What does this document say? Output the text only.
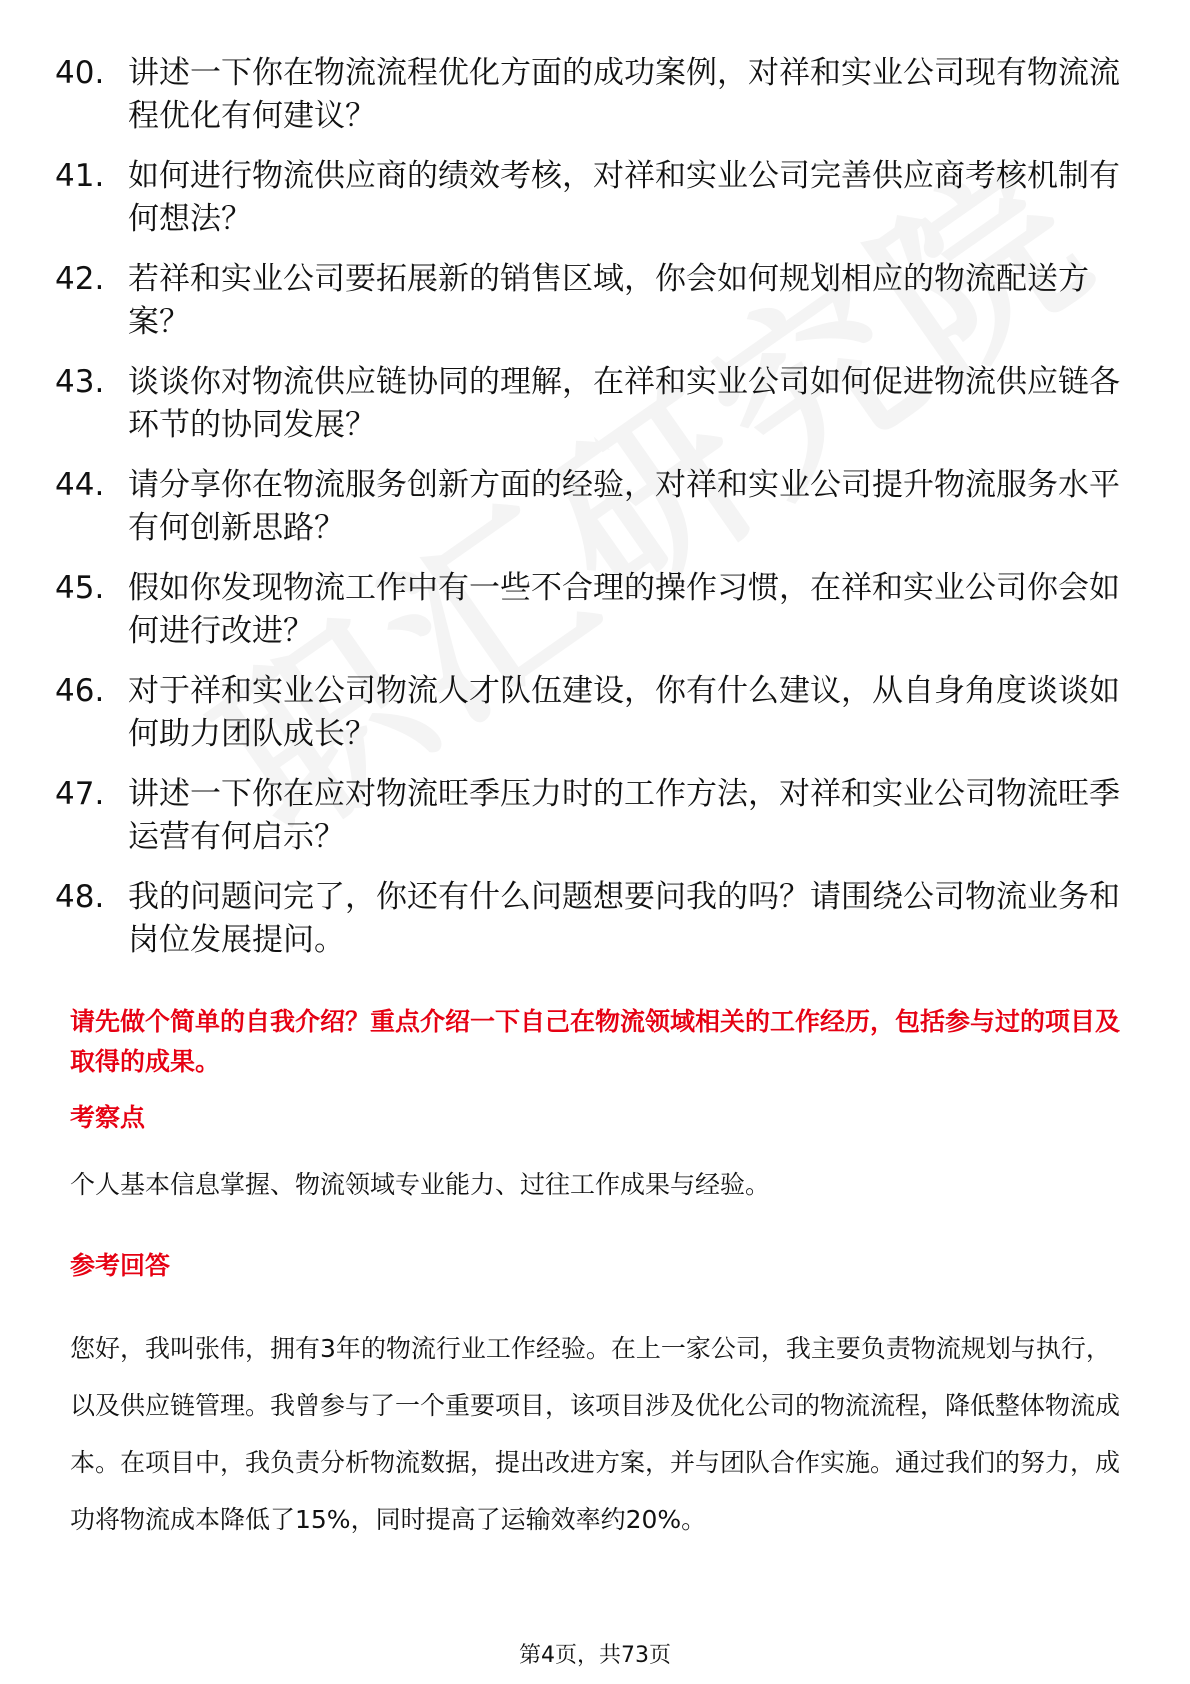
40. 讲述一下你在物流流程优化方面的成功案例，对祥和实业公司现有物流流程优化有何建议？
41. 如何进行物流供应商的绩效考核，对祥和实业公司完善供应商考核机制有何想法？
42. 若祥和实业公司要拓展新的销售区域，你会如何规划相应的物流配送方案？
43. 谈谈你对物流供应链协同的理解，在祥和实业公司如何促进物流供应链各环节的协同发展？
44. 请分享你在物流服务创新方面的经验，对祥和实业公司提升物流服务水平有何创新思路？
45. 假如你发现物流工作中有一些不合理的操作习惯，在祥和实业公司你会如何进行改进？
46. 对于祥和实业公司物流人才队伍建设，你有什么建议，从自身角度谈谈如何助力团队成长？
47. 讲述一下你在应对物流旺季压力时的工作方法，对祥和实业公司物流旺季运营有何启示？
48. 我的问题问完了，你还有什么问题想要问我的吗？请围绕公司物流业务和岗位发展提问。
请先做个简单的自我介绍？重点介绍一下自己在物流领域相关的工作经历，包括参与过的项目及取得的成果。
考察点
个人基本信息掌握、物流领域专业能力、过往工作成果与经验。
参考回答
您好，我叫张伟，拥有3年的物流行业工作经验。在上一家公司，我主要负责物流规划与执行，以及供应链管理。我曾参与了一个重要项目，该项目涉及优化公司的物流流程，降低整体物流成本。在项目中，我负责分析物流数据，提出改进方案，并与团队合作实施。通过我们的努力，成功将物流成本降低了15%，同时提高了运输效率约20%。
第4页，共73页
